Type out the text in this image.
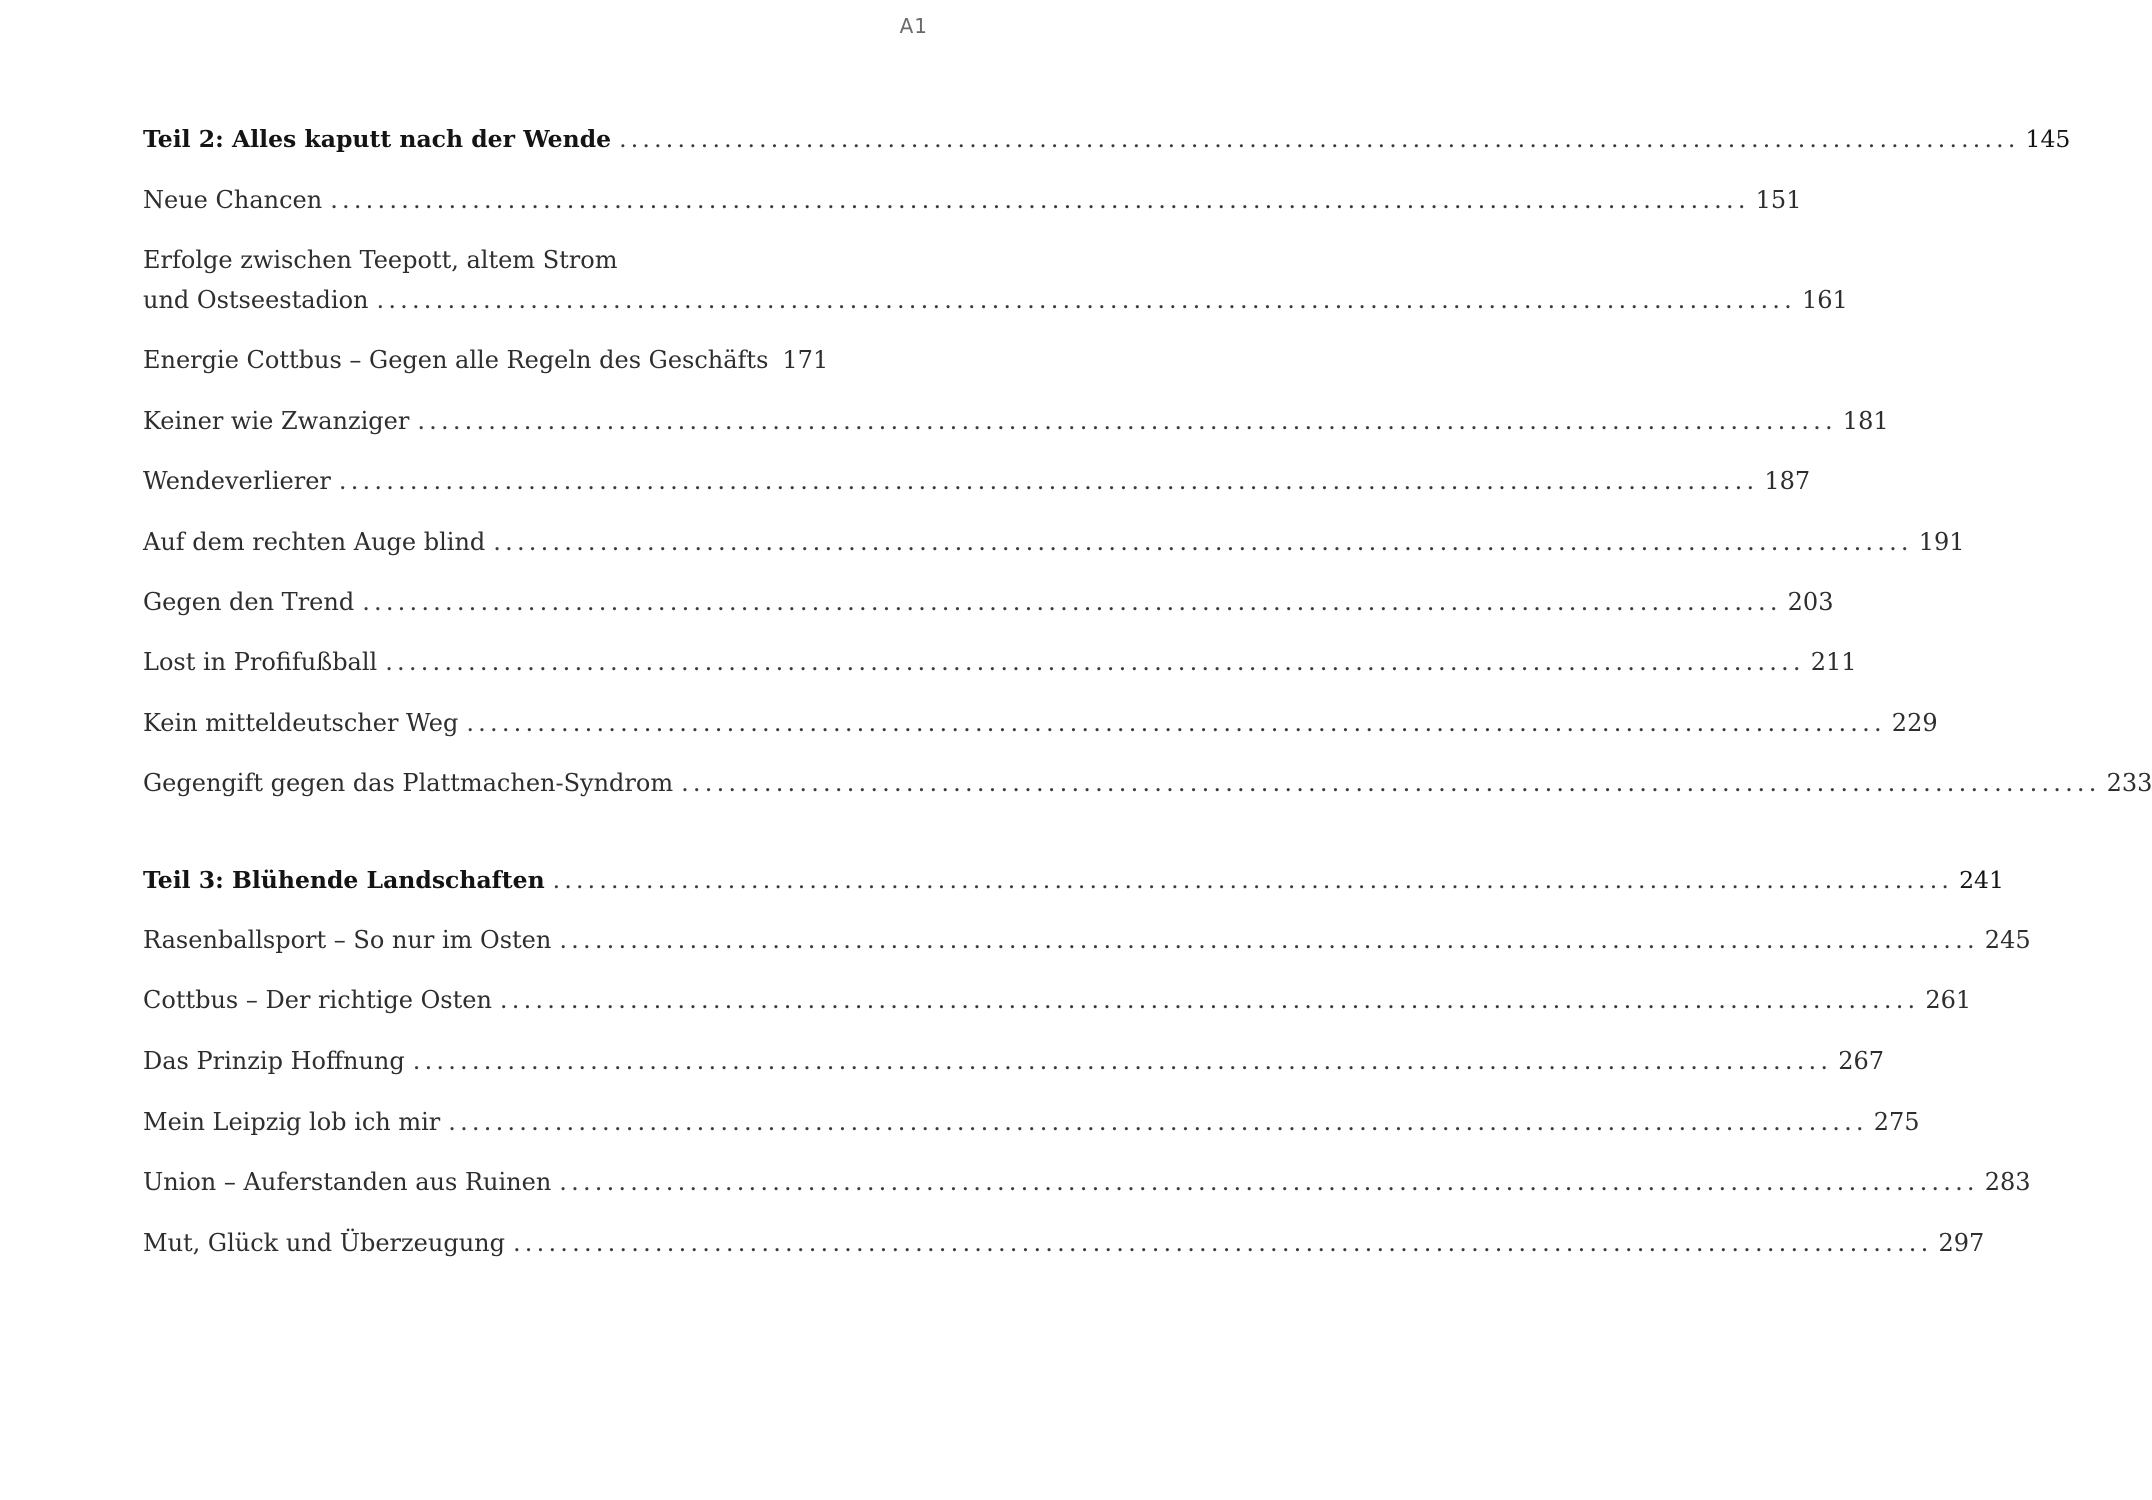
A1
Teil 2: Alles kaputt nach der Wende ........................................................................................................................ 145
Neue Chancen ........................................................................................................................ 151
Erfolge zwischen Teepott, altem Strom
und Ostseestadion ........................................................................................................................ 161
Energie Cottbus – Gegen alle Regeln des Geschäfts 171
Keiner wie Zwanziger ........................................................................................................................ 181
Wendeverlierer ........................................................................................................................ 187
Auf dem rechten Auge blind ........................................................................................................................ 191
Gegen den Trend ........................................................................................................................ 203
Lost in Profifußball ........................................................................................................................ 211
Kein mitteldeutscher Weg ........................................................................................................................ 229
Gegengift gegen das Plattmachen-Syndrom ........................................................................................................................ 233
Teil 3: Blühende Landschaften ........................................................................................................................ 241
Rasenballsport – So nur im Osten ........................................................................................................................ 245
Cottbus – Der richtige Osten ........................................................................................................................ 261
Das Prinzip Hoffnung ........................................................................................................................ 267
Mein Leipzig lob ich mir ........................................................................................................................ 275
Union – Auferstanden aus Ruinen ........................................................................................................................ 283
Mut, Glück und Überzeugung ........................................................................................................................ 297
